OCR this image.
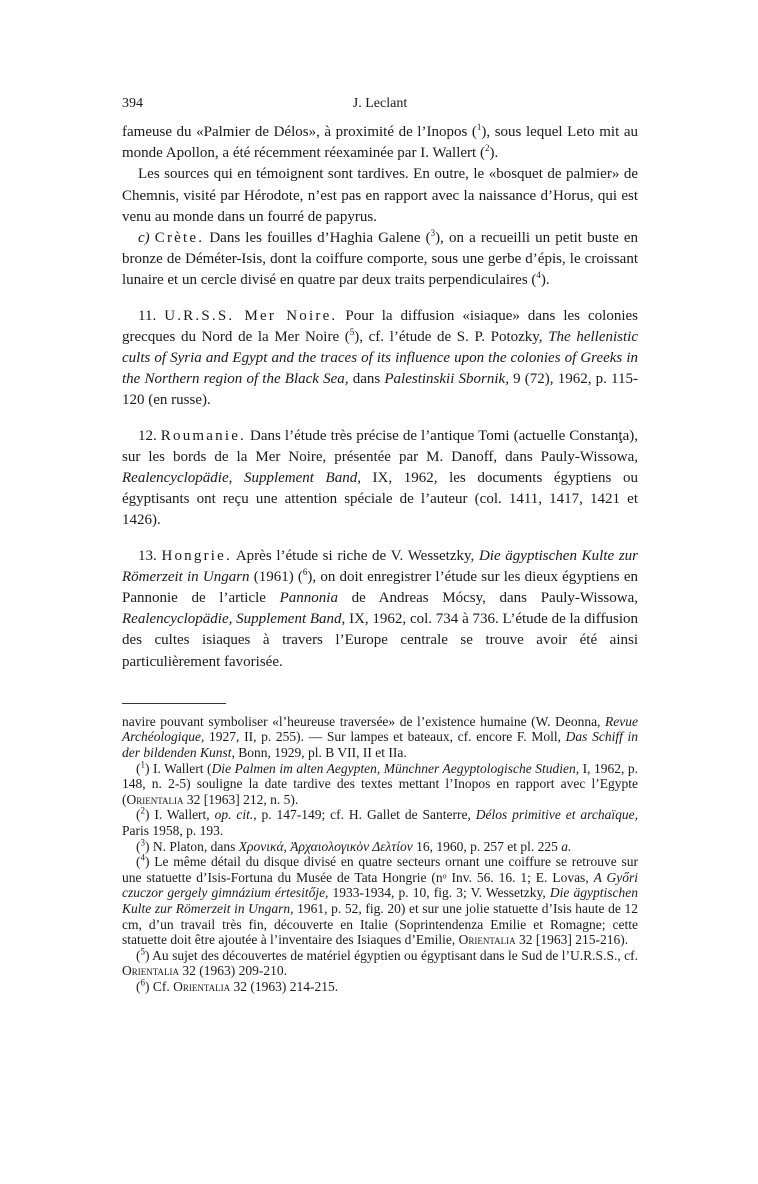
394	J. Leclant

fameuse du «Palmier de Délos», à proximité de l’Inopos ($^1$), sous lequel Leto mit au monde Apollon, a été récemment réexaminée par I. Wallert ($^2$).

Les sources qui en témoignent sont tardives. En outre, le «bosquet de palmier» de Chemnis, visité par Hérodote, n’est pas en rapport avec la naissance d’Horus, qui est venu au monde dans un fourré de papyrus.

c) Crète. Dans les fouilles d’Haghia Galene ($^3$), on a recueilli un petit buste en bronze de Déméter-Isis, dont la coiffure comporte, sous une gerbe d’épis, le croissant lunaire et un cercle divisé en quatre par deux traits perpendiculaires ($^4$).

11. U.R.S.S. Mer Noire. Pour la diffusion «isiaque» dans les colonies grecques du Nord de la Mer Noire ($^5$), cf. l’étude de S. P. Potozky, The hellenistic cults of Syria and Egypt and the traces of its influence upon the colonies of Greeks in the Northern region of the Black Sea, dans Palestinskii Sbornik, 9 (72), 1962, p. 115-120 (en russe).

12. Roumanie. Dans l’étude très précise de l’antique Tomi (actuelle Constanţa), sur les bords de la Mer Noire, présentée par M. Danoff, dans Pauly-Wissowa, Realencyclopädie, Supplement Band, IX, 1962, les documents égyptiens ou égyptisants ont reçu une attention spéciale de l’auteur (col. 1411, 1417, 1421 et 1426).

13. Hongrie. Après l’étude si riche de V. Wessetzky, Die ägyptischen Kulte zur Römerzeit in Ungarn (1961) ($^6$), on doit enregistrer l’étude sur les dieux égyptiens en Pannonie de l’article Pannonia de Andreas Mócsy, dans Pauly-Wissowa, Realencyclopädie, Supplement Band, IX, 1962, col. 734 à 736. L’étude de la diffusion des cultes isiaques à travers l’Europe centrale se trouve avoir été ainsi particulièrement favorisée.

navire pouvant symboliser «l’heureuse traversée» de l’existence humaine (W. Deonna, Revue Archéologique, 1927, II, p. 255). — Sur lampes et bateaux, cf. encore F. Moll, Das Schiff in der bildenden Kunst, Bonn, 1929, pl. B VII, II et IIa.

($^1$) I. Wallert (Die Palmen im alten Aegypten, Münchner Aegyptologische Studien, I, 1962, p. 148, n. 2-5) souligne la date tardive des textes mettant l’Inopos en rapport avec l’Egypte (Orientalia 32 [1963] 212, n. 5).

($^2$) I. Wallert, op. cit., p. 147-149; cf. H. Gallet de Santerre, Délos primitive et archaïque, Paris 1958, p. 193.

($^3$) N. Platon, dans Χρονικά, Ἀρχαιολογικὸν Δελτίον 16, 1960, p. 257 et pl. 225 a.

($^4$) Le même détail du disque divisé en quatre secteurs ornant une coiffure se retrouve sur une statuette d’Isis-Fortuna du Musée de Tata Hongrie (nᵒ Inv. 56. 16. 1; E. Lovas, A Győri czuczor gergely gimnázium értesitője, 1933-1934, p. 10, fig. 3; V. Wessetzky, Die ägyptischen Kulte zur Römerzeit in Ungarn, 1961, p. 52, fig. 20) et sur une jolie statuette d’Isis haute de 12 cm, d’un travail très fin, découverte en Italie (Soprintendenza Emilie et Romagne; cette statuette doit être ajoutée à l’inventaire des Isiaques d’Emilie, Orientalia 32 [1963] 215-216).

($^5$) Au sujet des découvertes de matériel égyptien ou égyptisant dans le Sud de l’U.R.S.S., cf. Orientalia 32 (1963) 209-210.

($^6$) Cf. Orientalia 32 (1963) 214-215.
